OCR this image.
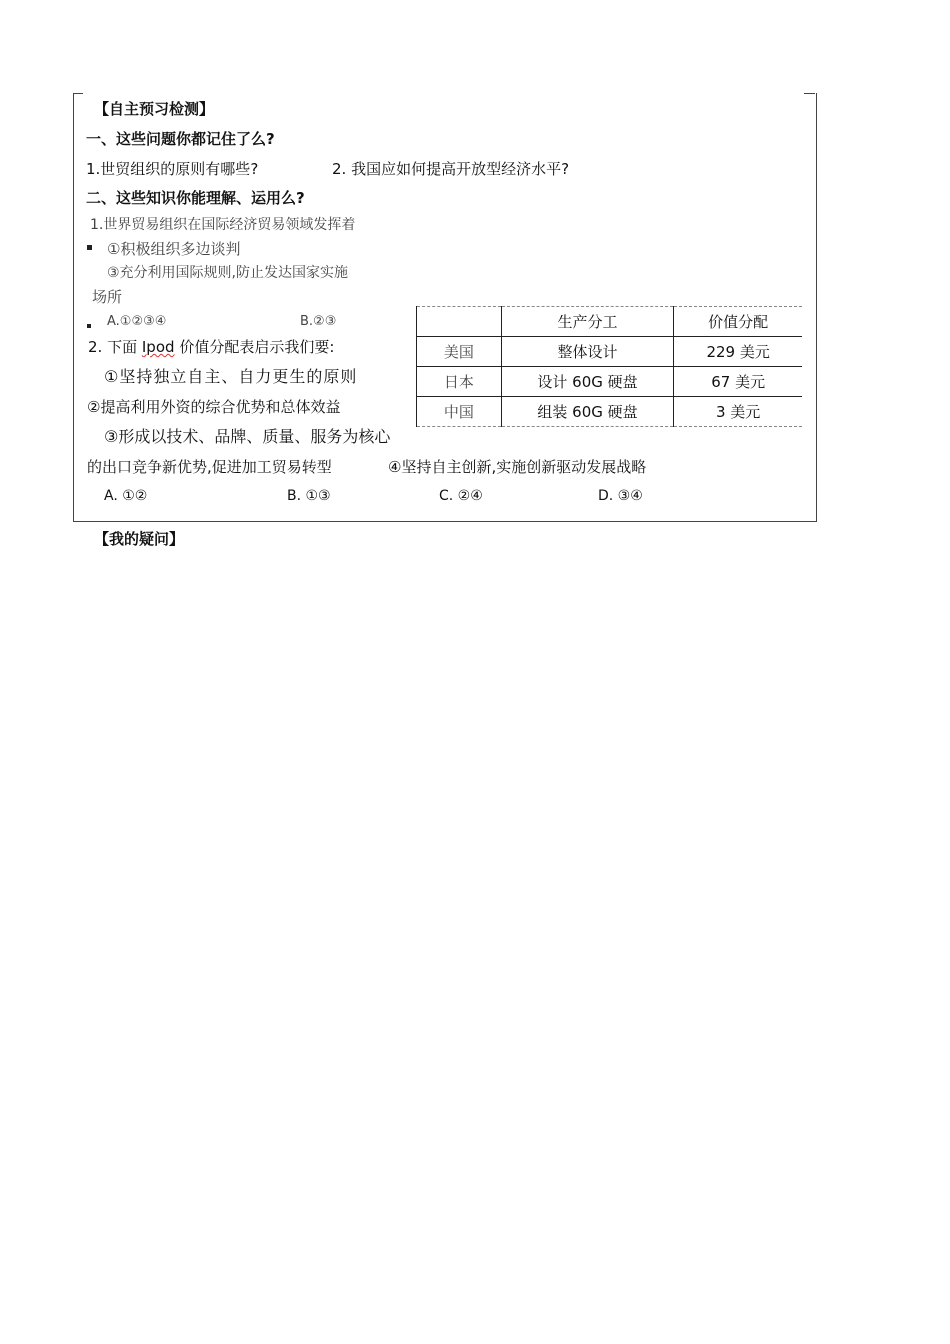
【自主预习检测】
一、这些问题你都记住了么?
1.世贸组织的原则有哪些?	2. 我国应如何提高开放型经济水平?
二、这些知识你能理解、运用么?
1.世界贸易组织在国际经济贸易领域发挥着
①积极组织多边谈判
③充分利用国际规则,防止发达国家实施
场所
A.①②③④	B.②③
2. 下面 Ipod 价值分配表启示我们要:
①坚持独立自主、自力更生的原则
②提高利用外资的综合优势和总体效益
③形成以技术、品牌、质量、服务为核心
的出口竞争新优势,促进加工贸易转型	④坚持自主创新,实施创新驱动发展战略
A. ①②	B. ①③	C. ②④	D. ③④
	生产分工	价值分配
美国	整体设计	229 美元
日本	设计 60G 硬盘	67 美元
中国	组装 60G 硬盘	3 美元
【我的疑问】
